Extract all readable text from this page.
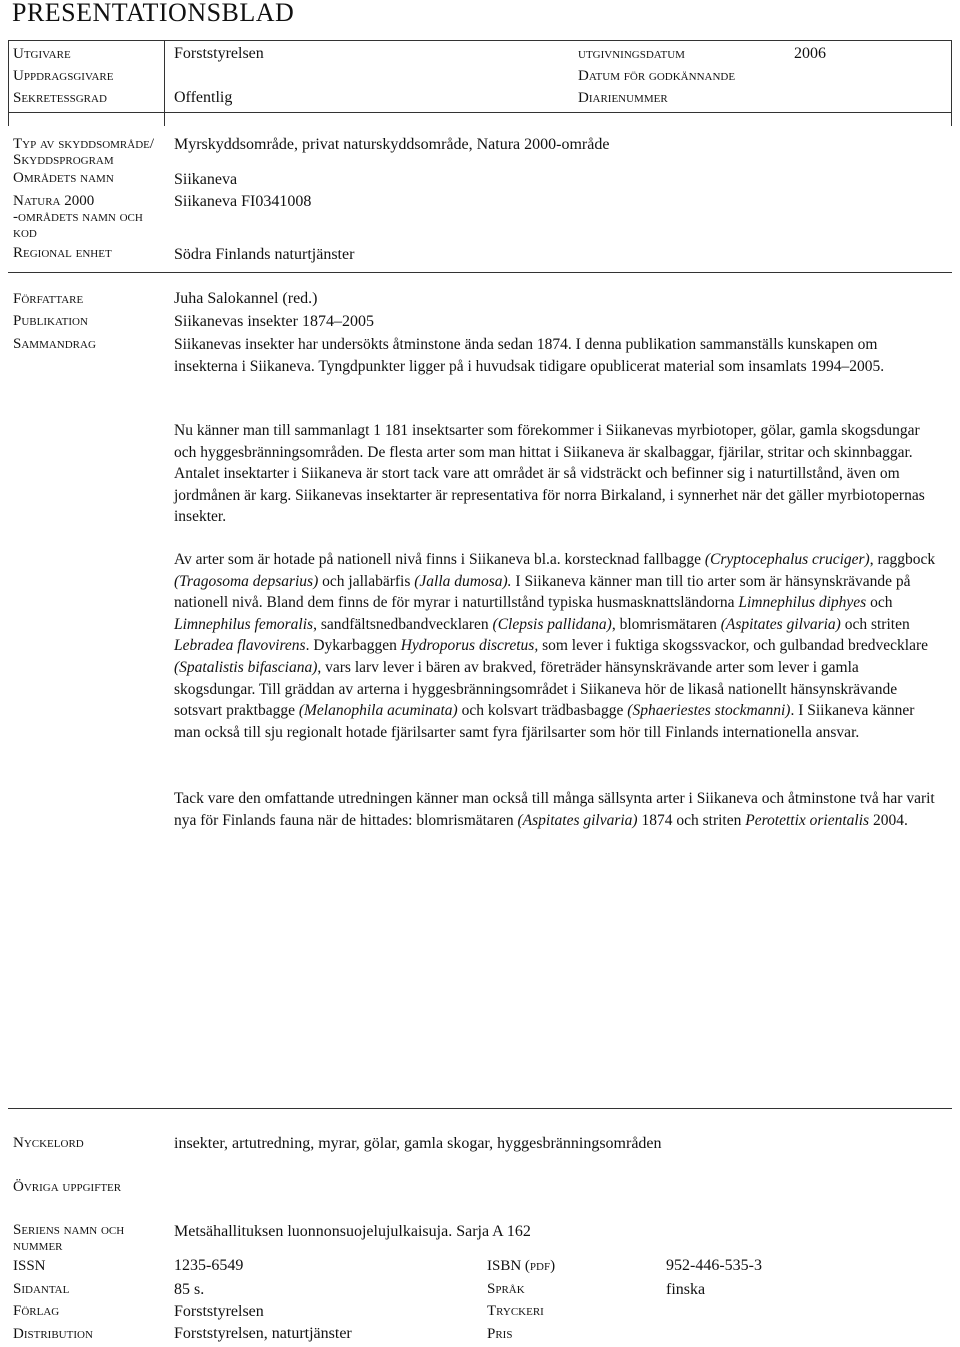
PRESENTATIONSBLAD
Utgivare	Forststyrelsen	utgivningsdatum	2006
Uppdragsgivare	Datum för godkännande
Sekretessgrad	Offentlig	Diarienummer
Typ av skyddsområde/
Skyddsprogram
Myrskyddsområde, privat naturskyddsområde, Natura 2000-område
Områdets namn	Siikaneva
Natura 2000
-områdets namn och
kod
Siikaneva FI0341008
Regional enhet	Södra Finlands naturtjänster
Författare	Juha Salokannel (red.)
Publikation	Siikanevas insekter 1874–2005
Sammandrag	Siikanevas insekter har undersökts åtminstone ända sedan 1874. I denna publikation sammanställs kunskapen om insekterna i Siikaneva. Tyngdpunkter ligger på i huvudsak tidigare opublicerat material som insamlats 1994–2005.

Nu känner man till sammanlagt 1 181 insektsarter som förekommer i Siikanevas myrbiotoper, gölar, gamla skogsdungar och hyggesbränningsområden. De flesta arter som man hittat i Siikaneva är skalbaggar, fjärilar, stritar och skinnbaggar. Antalet insektarter i Siikaneva är stort tack vare att området är så vidsträckt och befinner sig i naturtillstånd, även om jordmånen är karg. Siikanevas insektarter är representativa för norra Birkaland, i synnerhet när det gäller myrbiotopernas insekter.

Av arter som är hotade på nationell nivå finns i Siikaneva bl.a. korstecknad fallbagge (Cryptocephalus cruciger), raggbock (Tragosoma depsarius) och jallabärfis (Jalla dumosa). I Siikaneva känner man till tio arter som är hänsynskrävande på nationell nivå. Bland dem finns de för myrar i naturtillstånd typiska husmasknattsländorna Limnephilus diphyes och Limnephilus femoralis, sandfältsnedbandvecklaren (Clepsis pallidana), blomrismätaren (Aspitates gilvaria) och striten Lebradea flavovirens. Dykarbaggen Hydroporus discretus, som lever i fuktiga skogssvackor, och gulbandad bredvecklare (Spatalistis bifasciana), vars larv lever i bären av brakved, företräder hänsynskrävande arter som lever i gamla skogsdungar. Till gräddan av arterna i hyggesbränningsområdet i Siikaneva hör de likaså nationellt hänsynskrävande sotsvart praktbagge (Melanophila acuminata) och kolsvart trädbasbagge (Sphaeriestes stockmanni). I Siikaneva känner man också till sju regionalt hotade fjärilsarter samt fyra fjärilsarter som hör till Finlands internationella ansvar.

Tack vare den omfattande utredningen känner man också till många sällsynta arter i Siikaneva och åtminstone två har varit nya för Finlands fauna när de hittades: blomrismätaren (Aspitates gilvaria) 1874 och striten Perotettix orientalis 2004.

Nyckelord	insekter, artutredning, myrar, gölar, gamla skogar, hyggesbränningsområden
Övriga uppgifter
Seriens namn och
nummer
Metsähallituksen luonnonsuojelujulkaisuja. Sarja A 162
ISSN	1235-6549	ISBN (pdf)	952-446-535-3
Sidantal	85 s.	Språk	finska
Förlag	Forststyrelsen	Tryckeri
Distribution	Forststyrelsen, naturtjänster	Pris
